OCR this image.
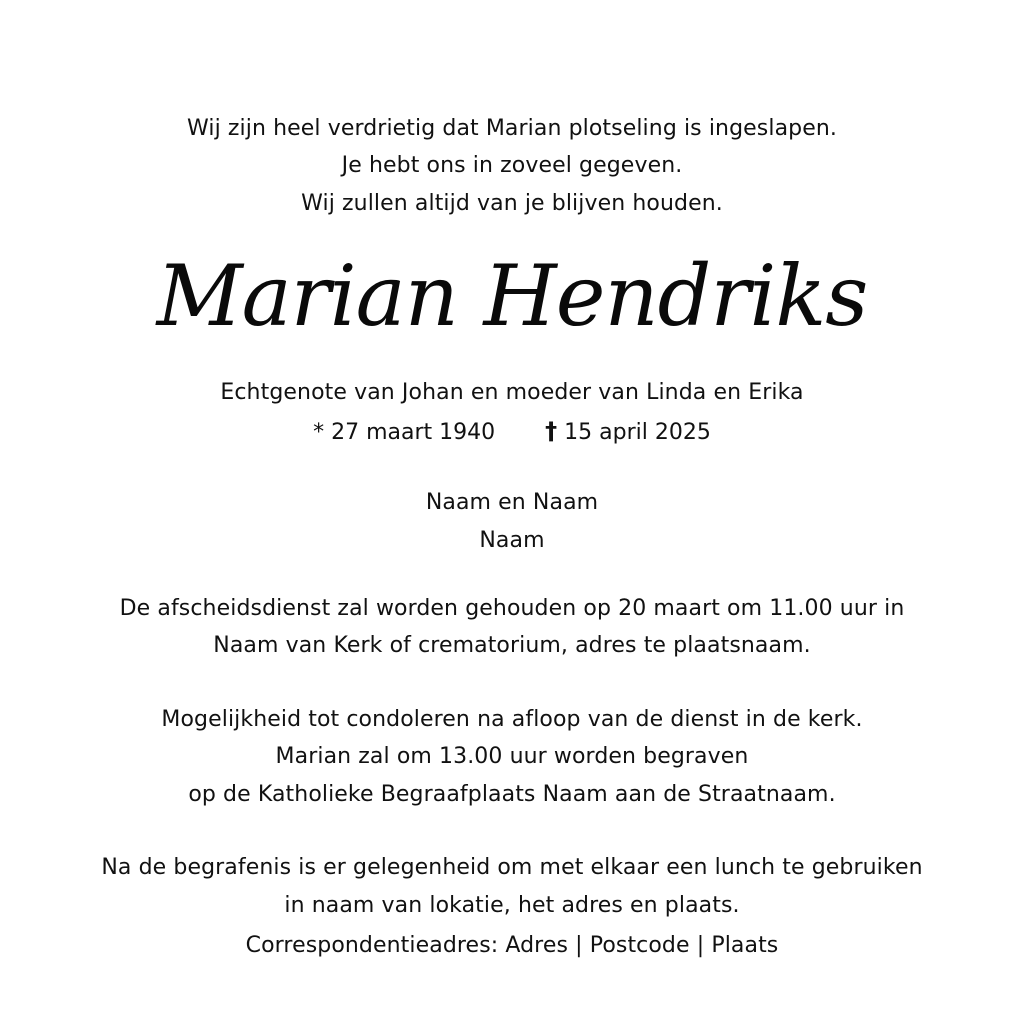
Wij zijn heel verdrietig dat Marian plotseling is ingeslapen.
Je hebt ons in zoveel gegeven.
Wij zullen altijd van je blijven houden.
Marian Hendriks
Echtgenote van Johan en moeder van Linda en Erika
* 27 maart 1940 † 15 april 2025
Naam en Naam
Naam
De afscheidsdienst zal worden gehouden op 20 maart om 11.00 uur in
Naam van Kerk of crematorium, adres te plaatsnaam.
Mogelijkheid tot condoleren na afloop van de dienst in de kerk.
Marian zal om 13.00 uur worden begraven
op de Katholieke Begraafplaats Naam aan de Straatnaam.
Na de begrafenis is er gelegenheid om met elkaar een lunch te gebruiken
in naam van lokatie, het adres en plaats.
Correspondentieadres: Adres | Postcode | Plaats
